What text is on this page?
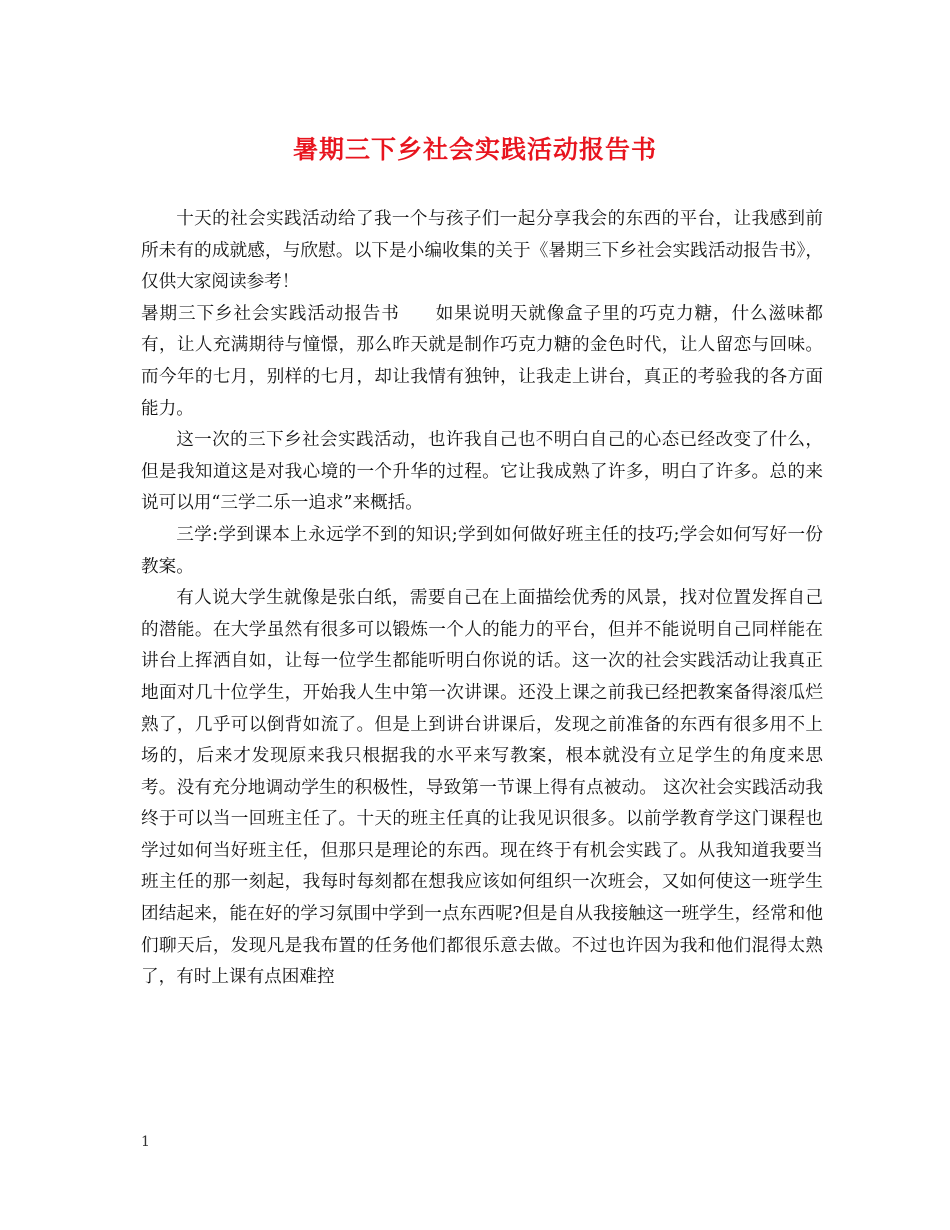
暑期三下乡社会实践活动报告书

十天的社会实践活动给了我一个与孩子们一起分享我会的东西的平台，让我感到前所未有的成就感，与欣慰。以下是小编收集的关于《暑期三下乡社会实践活动报告书》，仅供大家阅读参考！

暑期三下乡社会实践活动报告书 如果说明天就像盒子里的巧克力糖，什么滋味都有，让人充满期待与憧憬，那么昨天就是制作巧克力糖的金色时代，让人留恋与回味。而今年的七月，别样的七月，却让我情有独钟，让我走上讲台，真正的考验我的各方面能力。

这一次的三下乡社会实践活动，也许我自己也不明白自己的心态已经改变了什么，但是我知道这是对我心境的一个升华的过程。它让我成熟了许多，明白了许多。总的来说可以用“三学二乐一追求”来概括。

三学:学到课本上永远学不到的知识;学到如何做好班主任的技巧;学会如何写好一份教案。

有人说大学生就像是张白纸，需要自己在上面描绘优秀的风景，找对位置发挥自己的潜能。在大学虽然有很多可以锻炼一个人的能力的平台，但并不能说明自己同样能在讲台上挥洒自如，让每一位学生都能听明白你说的话。这一次的社会实践活动让我真正地面对几十位学生，开始我人生中第一次讲课。还没上课之前我已经把教案备得滚瓜烂熟了，几乎可以倒背如流了。但是上到讲台讲课后，发现之前准备的东西有很多用不上场的，后来才发现原来我只根据我的水平来写教案，根本就没有立足学生的角度来思考。没有充分地调动学生的积极性，导致第一节课上得有点被动。 这次社会实践活动我终于可以当一回班主任了。十天的班主任真的让我见识很多。以前学教育学这门课程也学过如何当好班主任，但那只是理论的东西。现在终于有机会实践了。从我知道我要当班主任的那一刻起，我每时每刻都在想我应该如何组织一次班会，又如何使这一班学生团结起来，能在好的学习氛围中学到一点东西呢?但是自从我接触这一班学生，经常和他们聊天后，发现凡是我布置的任务他们都很乐意去做。不过也许因为我和他们混得太熟了，有时上课有点困难控

1
